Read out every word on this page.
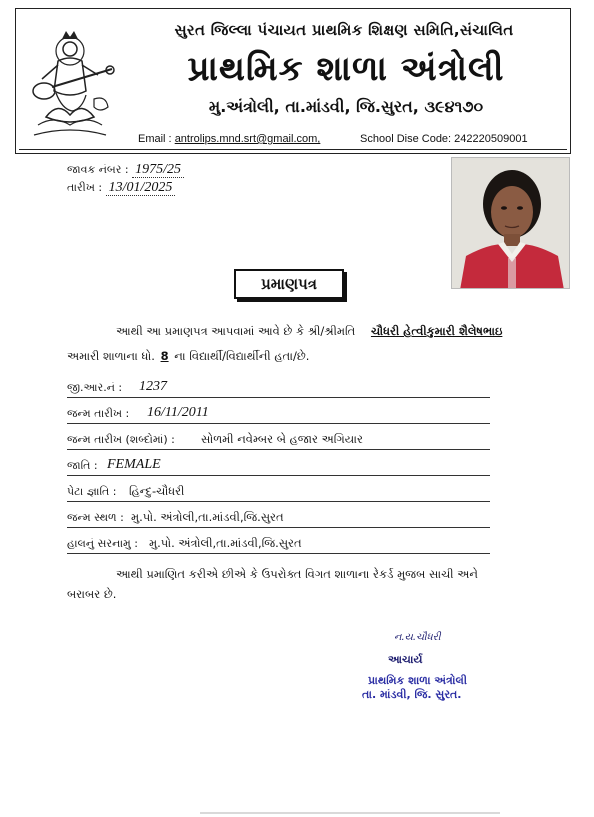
સુરત જિલ્લા પંચાયત પ્રાથમિક શિક્ષણ સમિતિ,સંચાલિત
પ્રાથમિક શાળા અંત્રોલી
મુ.અંત્રોલી, તા.માંડવી, જિ.સુરત, ૩૯૪૧૭૦
Email : antrolips.mnd.srt@gmail.com,	School Dise Code: 242220509001
જાવક નંબર : 1975/25
તારીખ : 13/01/2025
પ્રમાણપત્ર
આથી આ પ્રમાણપત્ર આપવામાં આવે છે કે શ્રી/શ્રીમતિ ચૌધરી હેત્વીકુમારી શૈલેષભાઇ
અમારી શાળાના ધો. 8 ના વિદ્યાર્થી/વિદ્યાર્થીની હતા/છે.
જી.આર.નં : 1237
જન્મ તારીખ : 16/11/2011
જન્મ તારીખ (શબ્દોમાં) : સોળમી નવેમ્બર બે હજાર અગિયાર
જાતિ : FEMALE
પેટા જ્ઞાતિ : હિન્દુ-ચૌધરી
જન્મ સ્થળ : મુ.પો. અંત્રોલી,તા.માંડવી,જિ.સુરત
હાલનું સરનામુ : મુ.પો. અંત્રોલી,તા.માંડવી,જિ.સુરત
આથી પ્રમાણિત કરીએ છીએ કે ઉપરોક્ત વિગત શાળાના રેકર્ડ મુજબ સાચી અને
બરાબર છે.
ન.ય.ચૌધરી
આચાર્ય
પ્રાથમિક શાળા અંત્રોલી
તા. માંડવી, જિ. સુરત.
